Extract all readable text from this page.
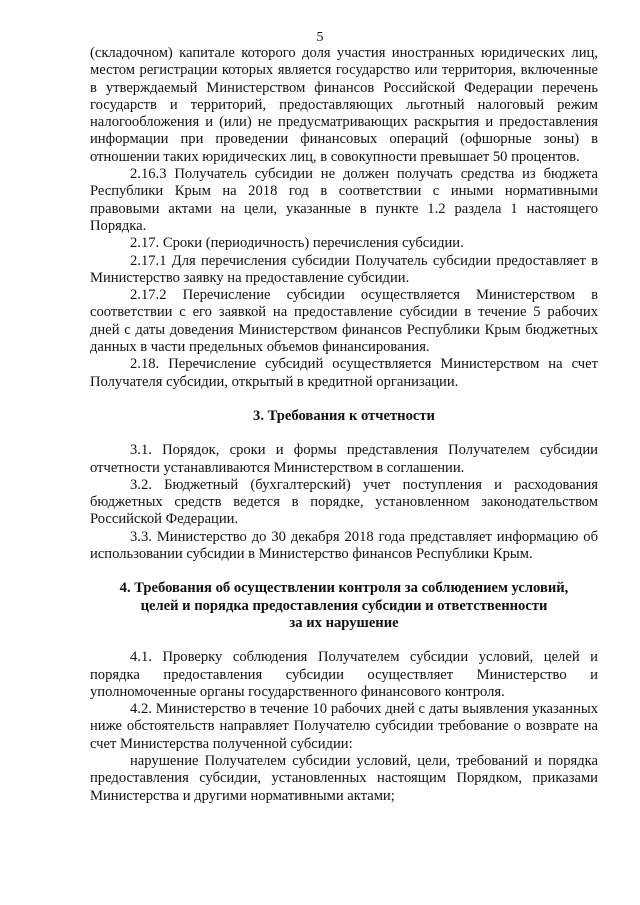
5

(складочном) капитале которого доля участия иностранных юридических лиц, местом регистрации которых является государство или территория, включенные в утверждаемый Министерством финансов Российской Федерации перечень государств и территорий, предоставляющих льготный налоговый режим налогообложения и (или) не предусматривающих раскрытия и предоставления информации при проведении финансовых операций (офшорные зоны) в отношении таких юридических лиц, в совокупности превышает 50 процентов.

2.16.3 Получатель субсидии не должен получать средства из бюджета Республики Крым на 2018 год в соответствии с иными нормативными правовыми актами на цели, указанные в пункте 1.2 раздела 1 настоящего Порядка.

2.17. Сроки (периодичность) перечисления субсидии.

2.17.1 Для перечисления субсидии Получатель субсидии предоставляет в Министерство заявку на предоставление субсидии.

2.17.2 Перечисление субсидии осуществляется Министерством в соответствии с его заявкой на предоставление субсидии в течение 5 рабочих дней с даты доведения Министерством финансов Республики Крым бюджетных данных в части предельных объемов финансирования.

2.18. Перечисление субсидий осуществляется Министерством на счет Получателя субсидии, открытый в кредитной организации.

3. Требования к отчетности

3.1. Порядок, сроки и формы представления Получателем субсидии отчетности устанавливаются Министерством в соглашении.

3.2. Бюджетный (бухгалтерский) учет поступления и расходования бюджетных средств ведется в порядке, установленном законодательством Российской Федерации.

3.3. Министерство до 30 декабря 2018 года представляет информацию об использовании субсидии в Министерство финансов Республики Крым.

4. Требования об осуществлении контроля за соблюдением условий,
целей и порядка предоставления субсидии и ответственности
за их нарушение

4.1. Проверку соблюдения Получателем субсидии условий, целей и порядка предоставления субсидии осуществляет Министерство и уполномоченные органы государственного финансового контроля.

4.2. Министерство в течение 10 рабочих дней с даты выявления указанных ниже обстоятельств направляет Получателю субсидии требование о возврате на счет Министерства полученной субсидии:

нарушение Получателем субсидии условий, цели, требований и порядка предоставления субсидии, установленных настоящим Порядком, приказами Министерства и другими нормативными актами;
